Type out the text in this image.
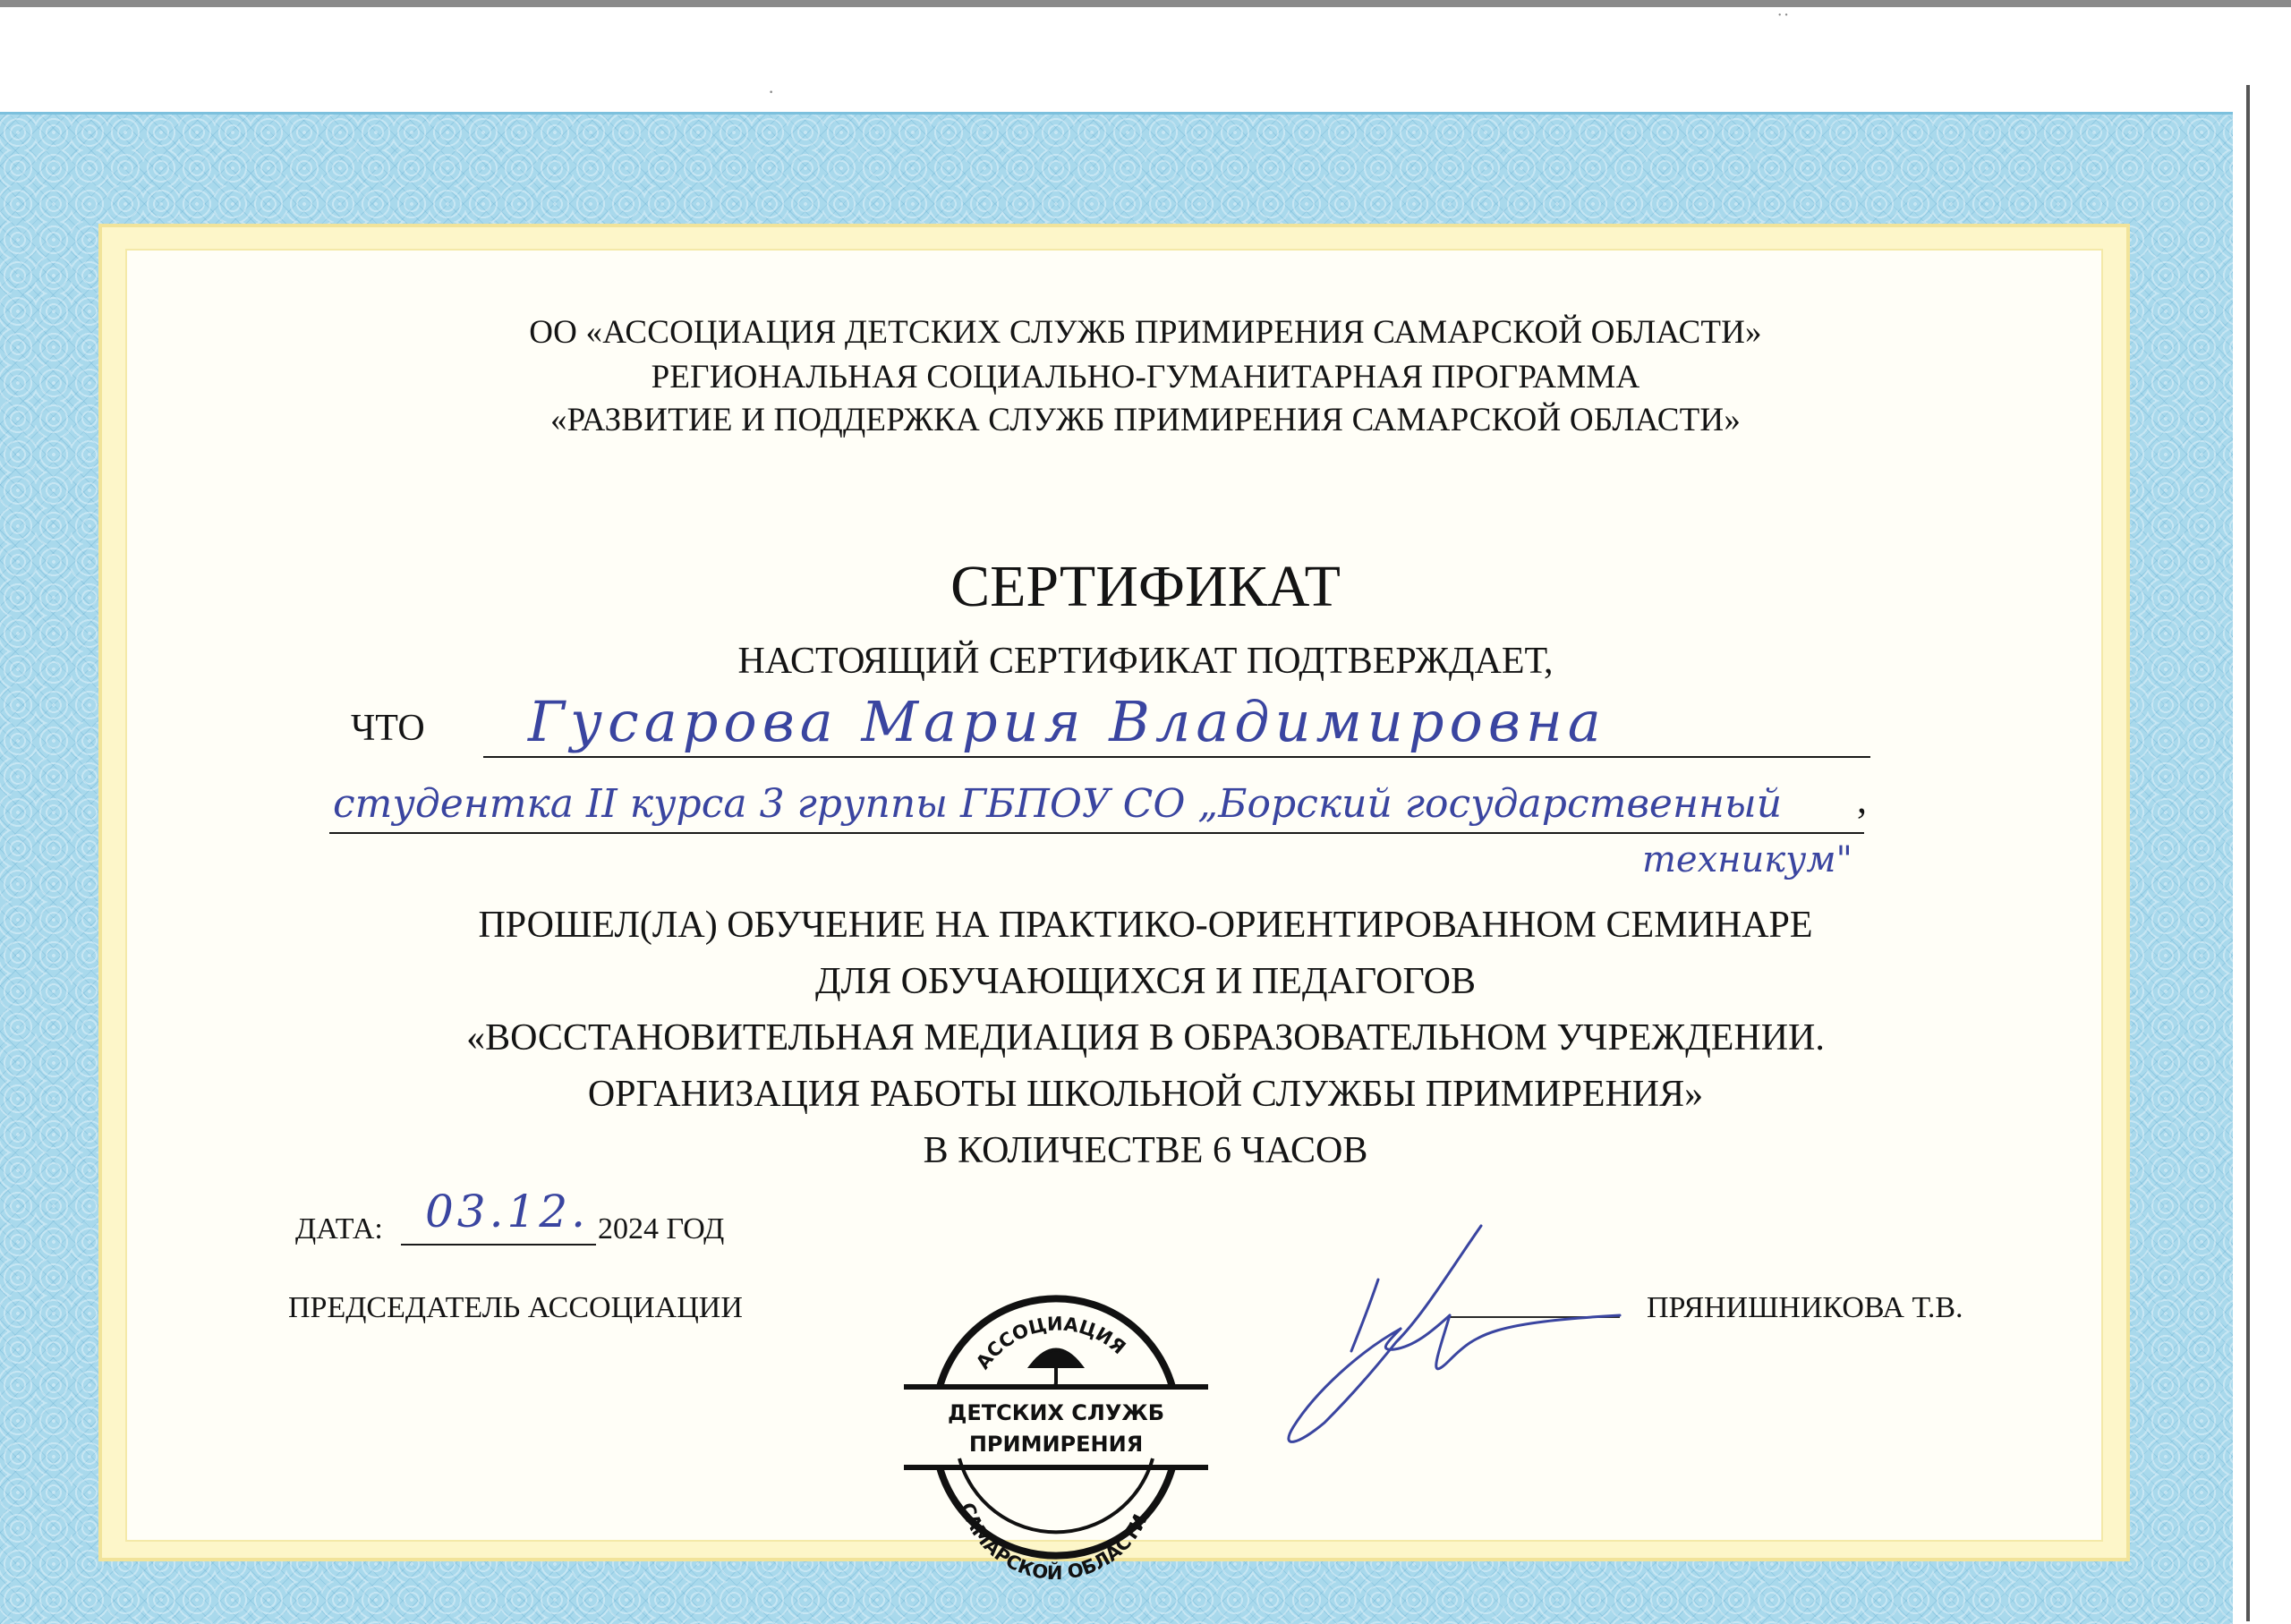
ОО «АССОЦИАЦИЯ ДЕТСКИХ СЛУЖБ ПРИМИРЕНИЯ САМАРСКОЙ ОБЛАСТИ»
РЕГИОНАЛЬНАЯ СОЦИАЛЬНО-ГУМАНИТАРНАЯ ПРОГРАММА
«РАЗВИТИЕ И ПОДДЕРЖКА СЛУЖБ ПРИМИРЕНИЯ САМАРСКОЙ ОБЛАСТИ»
СЕРТИФИКАТ
НАСТОЯЩИЙ СЕРТИФИКАТ ПОДТВЕРЖДАЕТ,
ЧТО Гусарова Мария Владимировна
студентка II курса 3 группы ГБПОУ СО „Борский государственный ,
техникум"
ПРОШЕЛ(ЛА) ОБУЧЕНИЕ НА ПРАКТИКО-ОРИЕНТИРОВАННОМ СЕМИНАРЕ
ДЛЯ ОБУЧАЮЩИХСЯ И ПЕДАГОГОВ
«ВОССТАНОВИТЕЛЬНАЯ МЕДИАЦИЯ В ОБРАЗОВАТЕЛЬНОМ УЧРЕЖДЕНИИ.
ОРГАНИЗАЦИЯ РАБОТЫ ШКОЛЬНОЙ СЛУЖБЫ ПРИМИРЕНИЯ»
В КОЛИЧЕСТВЕ 6 ЧАСОВ
ДАТА: 03.12. 2024 ГОД
ПРЕДСЕДАТЕЛЬ АССОЦИАЦИИ	ПРЯНИШНИКОВА Т.В.
АССОЦИАЦИЯ
ДЕТСКИХ СЛУЖБ
ПРИМИРЕНИЯ
САМАРСКОЙ ОБЛАСТИ
·
˙˙
